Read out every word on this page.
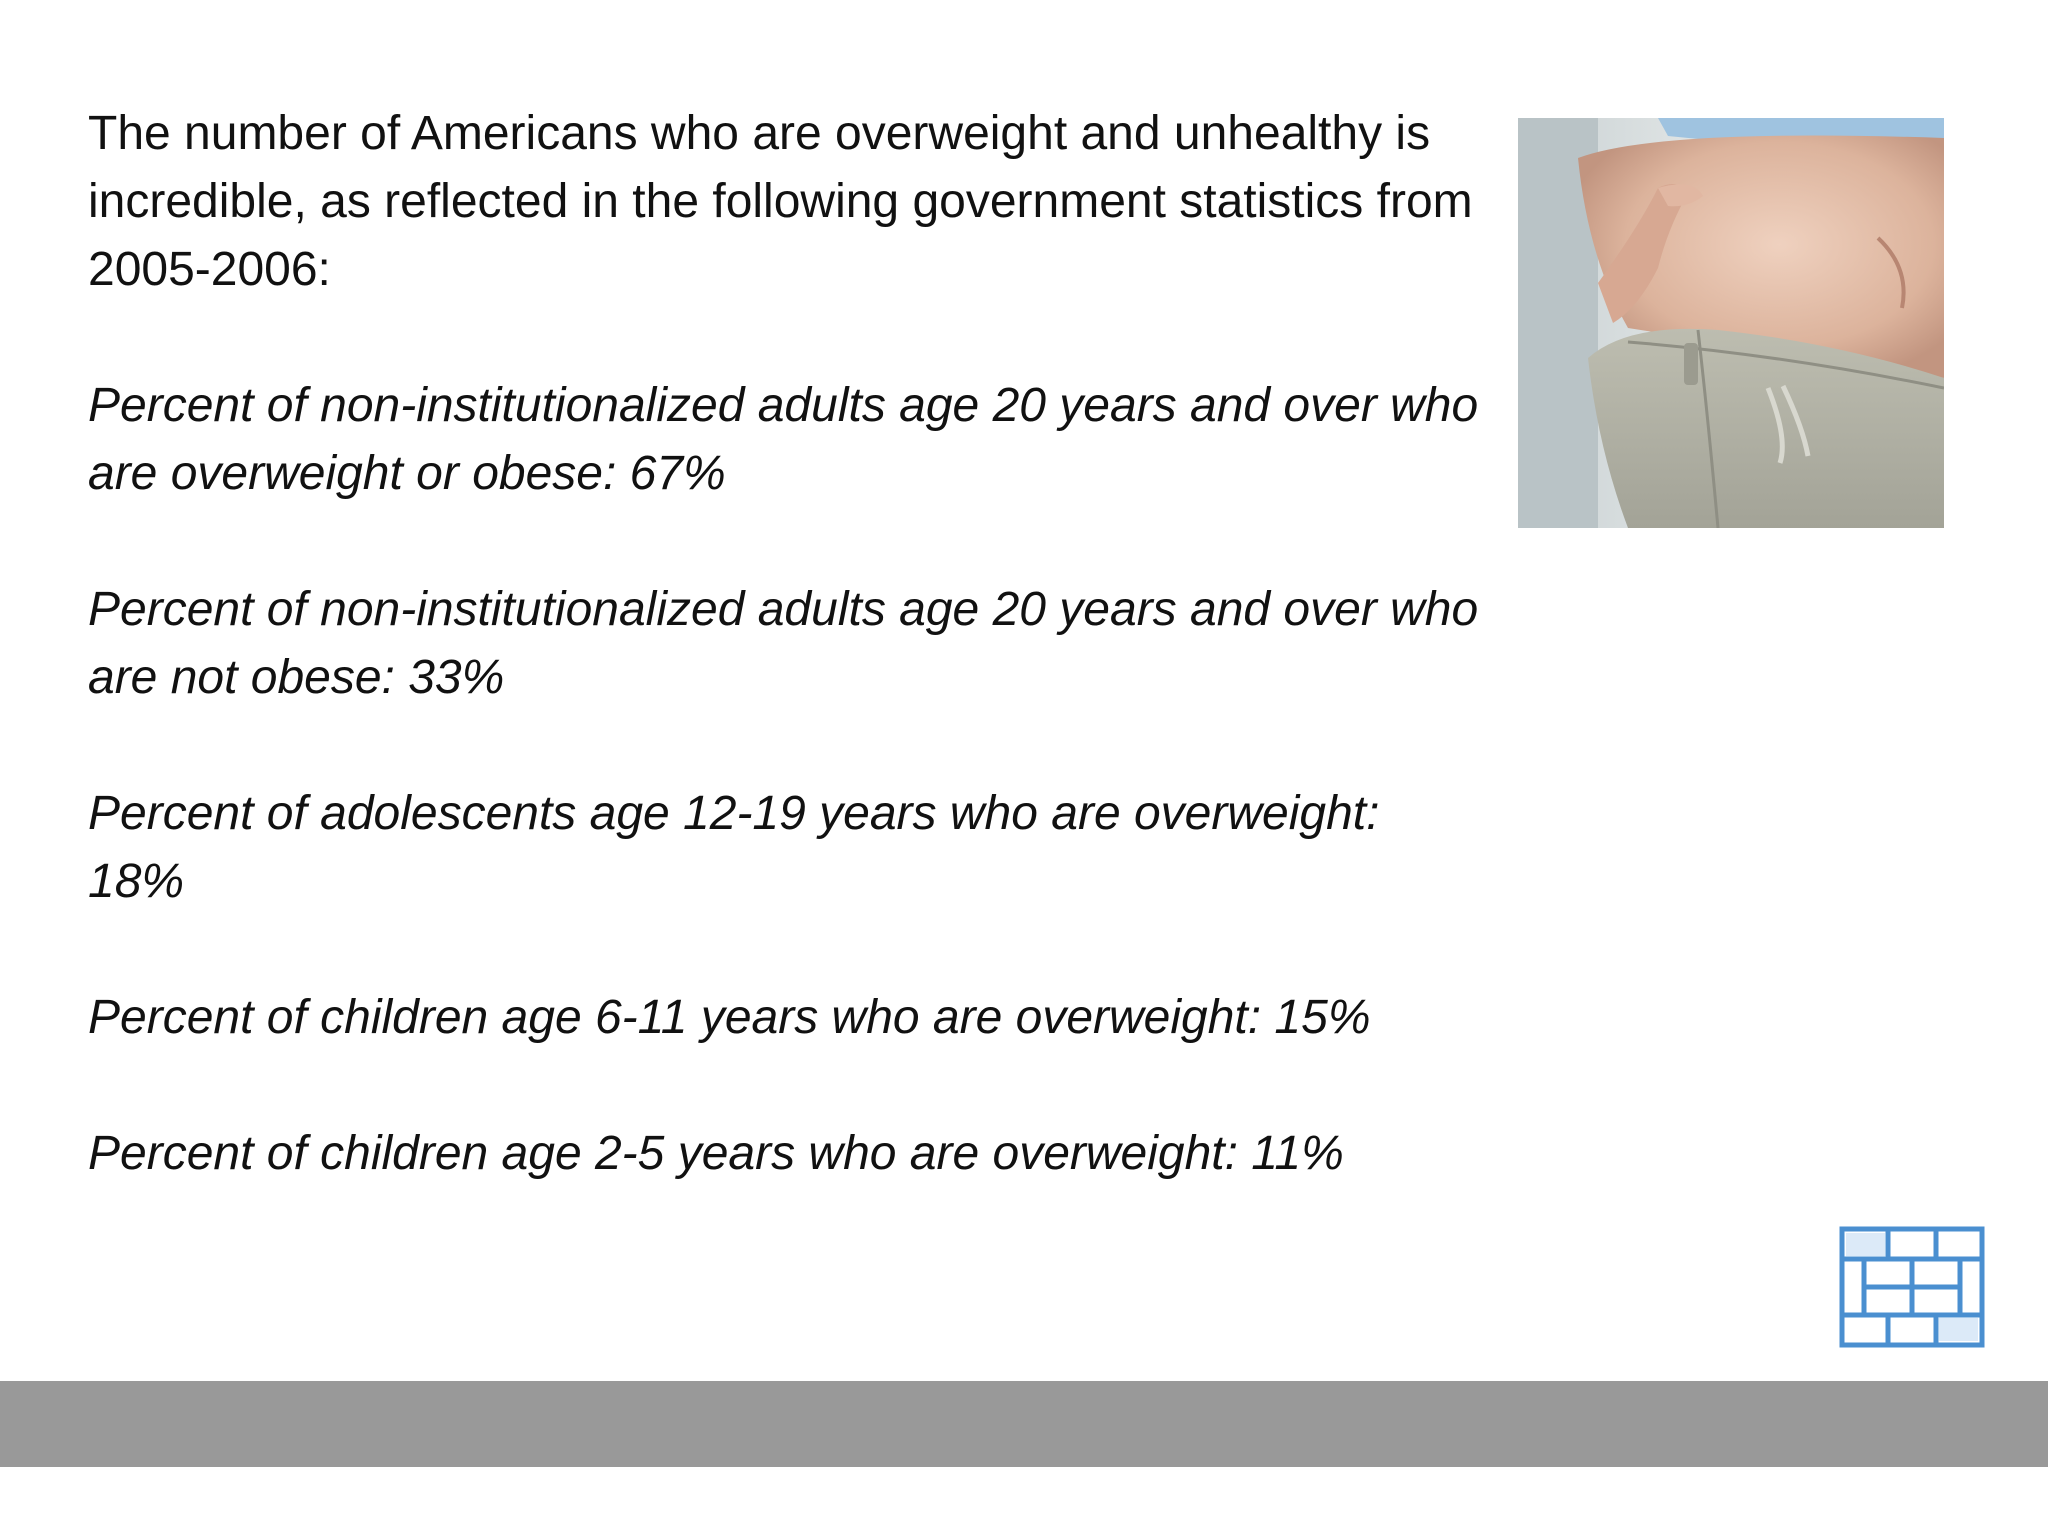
The number of Americans who are overweight and unhealthy is incredible, as reflected in the following government statistics from 2005-2006:

Percent of non-institutionalized adults age 20 years and over who are overweight or obese: 67%

Percent of non-institutionalized adults age 20 years and over who are not obese: 33%

Percent of adolescents age 12-19 years who are overweight: 18%

Percent of children age 6-11 years who are overweight: 15%

Percent of children age 2-5 years who are overweight: 11%
